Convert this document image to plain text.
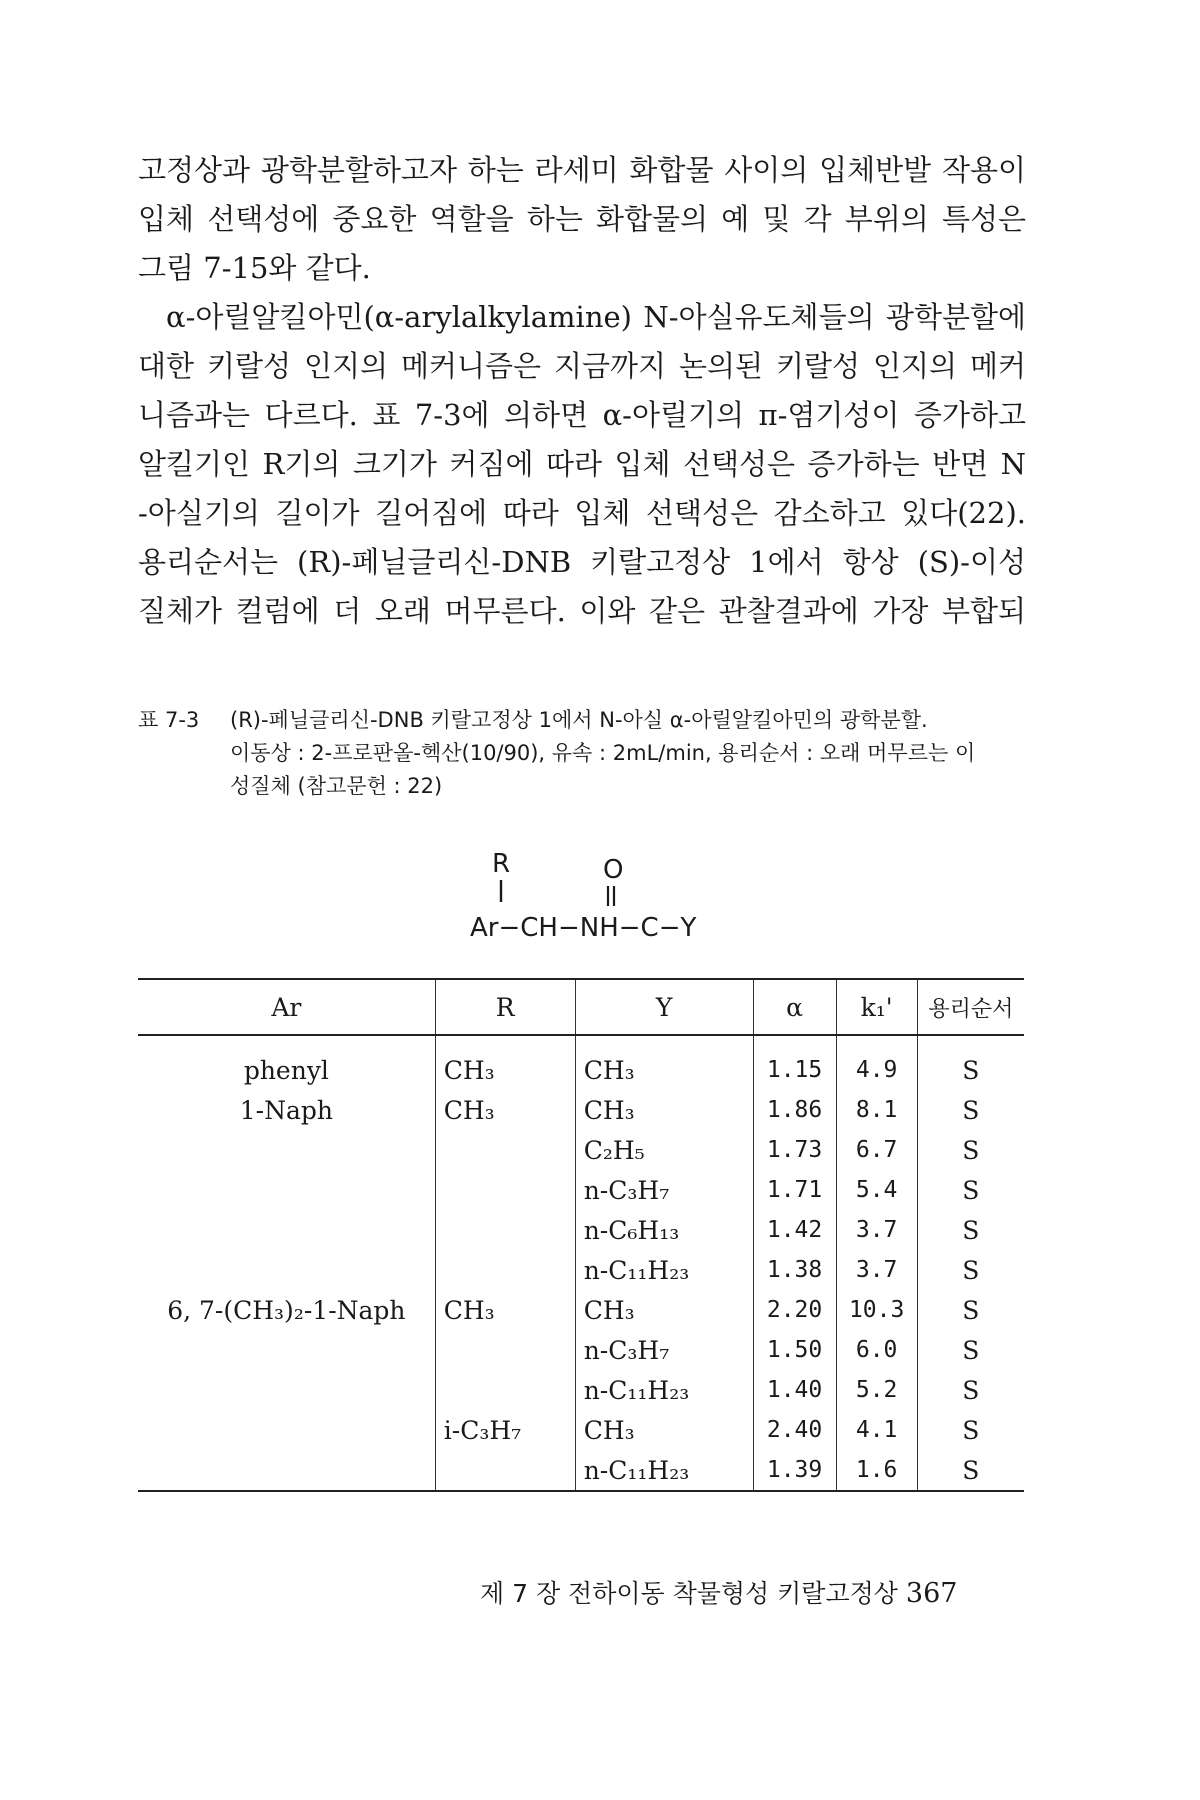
고정상과 광학분할하고자 하는 라세미 화합물 사이의 입체반발 작용이
입체 선택성에 중요한 역할을 하는 화합물의 예 및 각 부위의 특성은
그림 7-15와 같다.
α-아릴알킬아민(α-arylalkylamine) N-아실유도체들의 광학분할에
대한 키랄성 인지의 메커니즘은 지금까지 논의된 키랄성 인지의 메커
니즘과는 다르다. 표 7-3에 의하면 α-아릴기의 π-염기성이 증가하고
알킬기인 R기의 크기가 커짐에 따라 입체 선택성은 증가하는 반면 N
-아실기의 길이가 길어짐에 따라 입체 선택성은 감소하고 있다(22).
용리순서는 (R)-페닐글리신-DNB 키랄고정상 1에서 항상 (S)-이성
질체가 컬럼에 더 오래 머무른다. 이와 같은 관찰결과에 가장 부합되
표 7-3 (R)-페닐글리신-DNB 키랄고정상 1에서 N-아실 α-아릴알킬아민의 광학분할.
이동상 : 2-프로판올-헥산(10/90), 유속 : 2mL/min, 용리순서 : 오래 머무르는 이
성질체 (참고문헌 : 22)
R	O
Ar−CH−NH−C−Y
Ar	R	Y	α	k₁'	용리순서
phenyl	CH₃	CH₃	1.15	4.9	S
1-Naph	CH₃	CH₃	1.86	8.1	S
		C₂H₅	1.73	6.7	S
		n-C₃H₇	1.71	5.4	S
		n-C₆H₁₃	1.42	3.7	S
		n-C₁₁H₂₃	1.38	3.7	S
6, 7-(CH₃)₂-1-Naph	CH₃	CH₃	2.20	10.3	S
		n-C₃H₇	1.50	6.0	S
		n-C₁₁H₂₃	1.40	5.2	S
	i-C₃H₇	CH₃	2.40	4.1	S
		n-C₁₁H₂₃	1.39	1.6	S
제 7 장 전하이동 착물형성 키랄고정상 367
